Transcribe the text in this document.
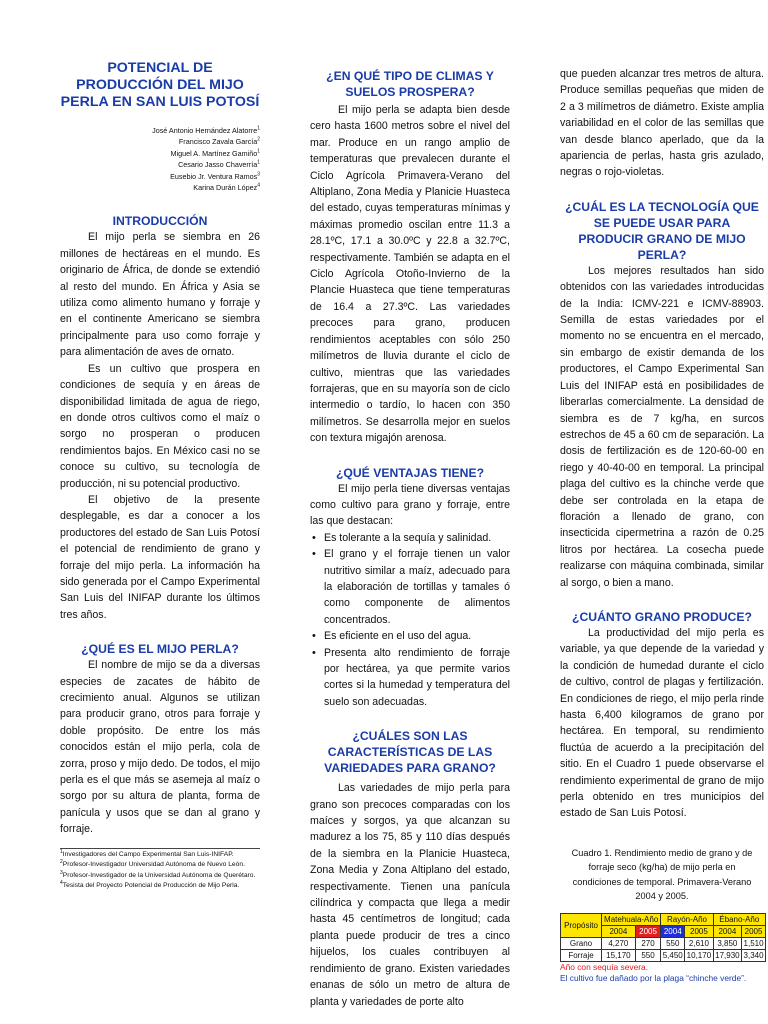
POTENCIAL DE PRODUCCIÓN DEL MIJO PERLA EN SAN LUIS POTOSÍ
José Antonio Hernández Alatorre$^1$
Francisco Zavala García$^2$
Miguel A. Martínez Gamiño$^1$
Cesario Jasso Chaverría$^1$
Eusebio Jr. Ventura Ramos$^3$
Karina Durán López$^4$
INTRODUCCIÓN

El mijo perla se siembra en 26 millones de hectáreas en el mundo. Es originario de África, de donde se extendió al resto del mundo. En África y Asia se utiliza como alimento humano y forraje y en el continente Americano se siembra principalmente para uso como forraje y para alimentación de aves de ornato.

Es un cultivo que prospera en condiciones de sequía y en áreas de disponibilidad limitada de agua de riego, en donde otros cultivos como el maíz o sorgo no prosperan o producen rendimientos bajos. En México casi no se conoce su cultivo, su tecnología de producción, ni su potencial productivo.

El objetivo de la presente desplegable, es dar a conocer a los productores del estado de San Luis Potosí el potencial de rendimiento de grano y forraje del mijo perla. La información ha sido generada por el Campo Experimental San Luis del INIFAP durante los últimos tres años.

¿QUÉ ES EL MIJO PERLA?

El nombre de mijo se da a diversas especies de zacates de hábito de crecimiento anual. Algunos se utilizan para producir grano, otros para forraje y doble propósito. De entre los más conocidos están el mijo perla, cola de zorra, proso y mijo dedo. De todos, el mijo perla es el que más se asemeja al maíz o sorgo por su altura de planta, forma de panícula y usos que se dan al grano y forraje.

$^1$Investigadores del Campo Experimental San Luis-INIFAP.
$^2$Profesor-Investigador Universidad Autónoma de Nuevo León.
$^3$Profesor-Investigador de la Universidad Autónoma de Querétaro.
$^4$Tesista del Proyecto Potencial de Producción de Mijo Perla.
¿EN QUÉ TIPO DE CLIMAS Y SUELOS PROSPERA?

El mijo perla se adapta bien desde cero hasta 1600 metros sobre el nivel del mar. Produce en un rango amplio de temperaturas que prevalecen durante el Ciclo Agrícola Primavera-Verano del Altiplano, Zona Media y Planicie Huasteca del estado, cuyas temperaturas mínimas y máximas promedio oscilan entre 11.3 a 28.1ºC, 17.1 a 30.0ºC y 22.8 a 32.7ºC, respectivamente. También se adapta en el Ciclo Agrícola Otoño-Invierno de la Plancie Huasteca que tiene temperaturas de 16.4 a 27.3ºC. Las variedades precoces para grano, producen rendimientos aceptables con sólo 250 milímetros de lluvia durante el ciclo de cultivo, mientras que las variedades forrajeras, que en su mayoría son de ciclo intermedio o tardío, lo hacen con 350 milímetros. Se desarrolla mejor en suelos con textura migajón arenosa.

¿QUÉ VENTAJAS TIENE?

El mijo perla tiene diversas ventajas como cultivo para grano y forraje, entre las que destacan:

• Es tolerante a la sequía y salinidad.
• El grano y el forraje tienen un valor nutritivo similar a maíz, adecuado para la elaboración de tortillas y tamales ó como componente de alimentos concentrados.
• Es eficiente en el uso del agua.
• Presenta alto rendimiento de forraje por hectárea, ya que permite varios cortes si la humedad y temperatura del suelo son adecuadas.
¿CUÁLES SON LAS CARACTERÍSTICAS DE LAS VARIEDADES PARA GRANO?

Las variedades de mijo perla para grano son precoces comparadas con los maíces y sorgos, ya que alcanzan su madurez a los 75, 85 y 110 días después de la siembra en la Planicie Huasteca, Zona Media y Zona Altiplano del estado, respectivamente. Tienen una panícula cilíndrica y compacta que llega a medir hasta 45 centímetros de longitud; cada planta puede producir de tres a cinco hijuelos, los cuales contribuyen al rendimiento de grano. Existen variedades enanas de sólo un metro de altura de planta y variedades de porte alto

que pueden alcanzar tres metros de altura. Produce semillas pequeñas que miden de 2 a 3 milímetros de diámetro. Existe amplia variabilidad en el color de las semillas que van desde blanco aperlado, que da la apariencia de perlas, hasta gris azulado, negras o rojo-violetas.

¿CUÁL ES LA TECNOLOGÍA QUE SE PUEDE USAR PARA PRODUCIR GRANO DE MIJO PERLA?

Los mejores resultados han sido obtenidos con las variedades introducidas de la India: ICMV-221 e ICMV-88903. Semilla de estas variedades por el momento no se encuentra en el mercado, sin embargo de existir demanda de los productores, el Campo Experimental San Luis del INIFAP está en posibilidades de liberarlas comercialmente. La densidad de siembra es de 7 kg/ha, en surcos estrechos de 45 a 60 cm de separación. La dosis de fertilización es de 120-60-00 en riego y 40-40-00 en temporal. La principal plaga del cultivo es la chinche verde que debe ser controlada en la etapa de floración a llenado de grano, con insecticida cipermetrina a razón de 0.25 litros por hectárea. La cosecha puede realizarse con máquina combinada, similar al sorgo, o bien a mano.

¿CUÁNTO GRANO PRODUCE?

La productividad del mijo perla es variable, ya que depende de la variedad y la condición de humedad durante el ciclo de cultivo, control de plagas y fertilización. En condiciones de riego, el mijo perla rinde hasta 6,400 kilogramos de grano por hectárea. En temporal, su rendimiento fluctúa de acuerdo a la precipitación del sitio. En el Cuadro 1 puede observarse el rendimiento experimental de grano de mijo perla obtenido en tres municipios del estado de San Luis Potosí.

Cuadro 1. Rendimiento medio de grano y de forraje seco (kg/ha) de mijo perla en condiciones de temporal. Primavera-Verano 2004 y 2005.
Propósito	Matehuala-Año		Rayón-Año		Ébano-Año	
	2004	2005	2004	2005	2004	2005
Grano	4,270	270	550	2,610	3,850	1,510
Forraje	15,170	550	5,450	10,170	17,930	3,340
Año con sequía severa.
El cultivo fue dañado por la plaga “chinche verde”.
